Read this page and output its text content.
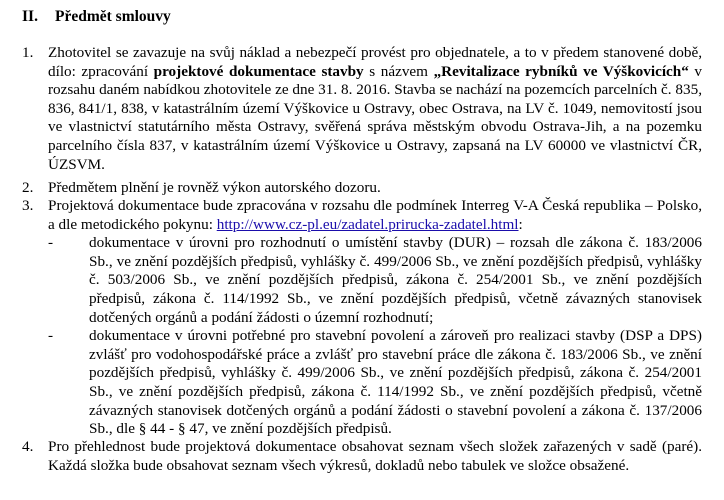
II. Předmět smlouvy
1. Zhotovitel se zavazuje na svůj náklad a nebezpečí provést pro objednatele, a to v předem stanovené době, dílo: zpracování projektové dokumentace stavby s názvem „Revitalizace rybníků ve Výškovicích“ v rozsahu daném nabídkou zhotovitele ze dne 31. 8. 2016. Stavba se nachází na pozemcích parcelních č. 835, 836, 841/1, 838, v katastrálním území Výškovice u Ostravy, obec Ostrava, na LV č. 1049, nemovitostí jsou ve vlastnictví statutárního města Ostravy, svěřená správa městským obvodu Ostrava-Jih, a na pozemku parcelního čísla 837, v katastrálním území Výškovice u Ostravy, zapsaná na LV 60000 ve vlastnictví ČR, ÚZSVM.
2. Předmětem plnění je rovněž výkon autorského dozoru.
3. Projektová dokumentace bude zpracována v rozsahu dle podmínek Interreg V-A Česká republika – Polsko, a dle metodického pokynu: http://www.cz-pl.eu/zadatel.prirucka-zadatel.html:
- dokumentace v úrovni pro rozhodnutí o umístění stavby (DUR) – rozsah dle zákona č. 183/2006 Sb., ve znění pozdějších předpisů, vyhlášky č. 499/2006 Sb., ve znění pozdějších předpisů, vyhlášky č. 503/2006 Sb., ve znění pozdějších předpisů, zákona č. 254/2001 Sb., ve znění pozdějších předpisů, zákona č. 114/1992 Sb., ve znění pozdějších předpisů, včetně závazných stanovisek dotčených orgánů a podání žádosti o územní rozhodnutí;
- dokumentace v úrovni potřebné pro stavební povolení a zároveň pro realizaci stavby (DSP a DPS) zvlášť pro vodohospodářské práce a zvlášť pro stavební práce dle zákona č. 183/2006 Sb., ve znění pozdějších předpisů, vyhlášky č. 499/2006 Sb., ve znění pozdějších předpisů, zákona č. 254/2001 Sb., ve znění pozdějších předpisů, zákona č. 114/1992 Sb., ve znění pozdějších předpisů, včetně závazných stanovisek dotčených orgánů a podání žádosti o stavební povolení a zákona č. 137/2006 Sb., dle § 44 - § 47, ve znění pozdějších předpisů.
4. Pro přehlednost bude projektová dokumentace obsahovat seznam všech složek zařazených v sadě (paré). Každá složka bude obsahovat seznam všech výkresů, dokladů nebo tabulek ve složce obsažené.
